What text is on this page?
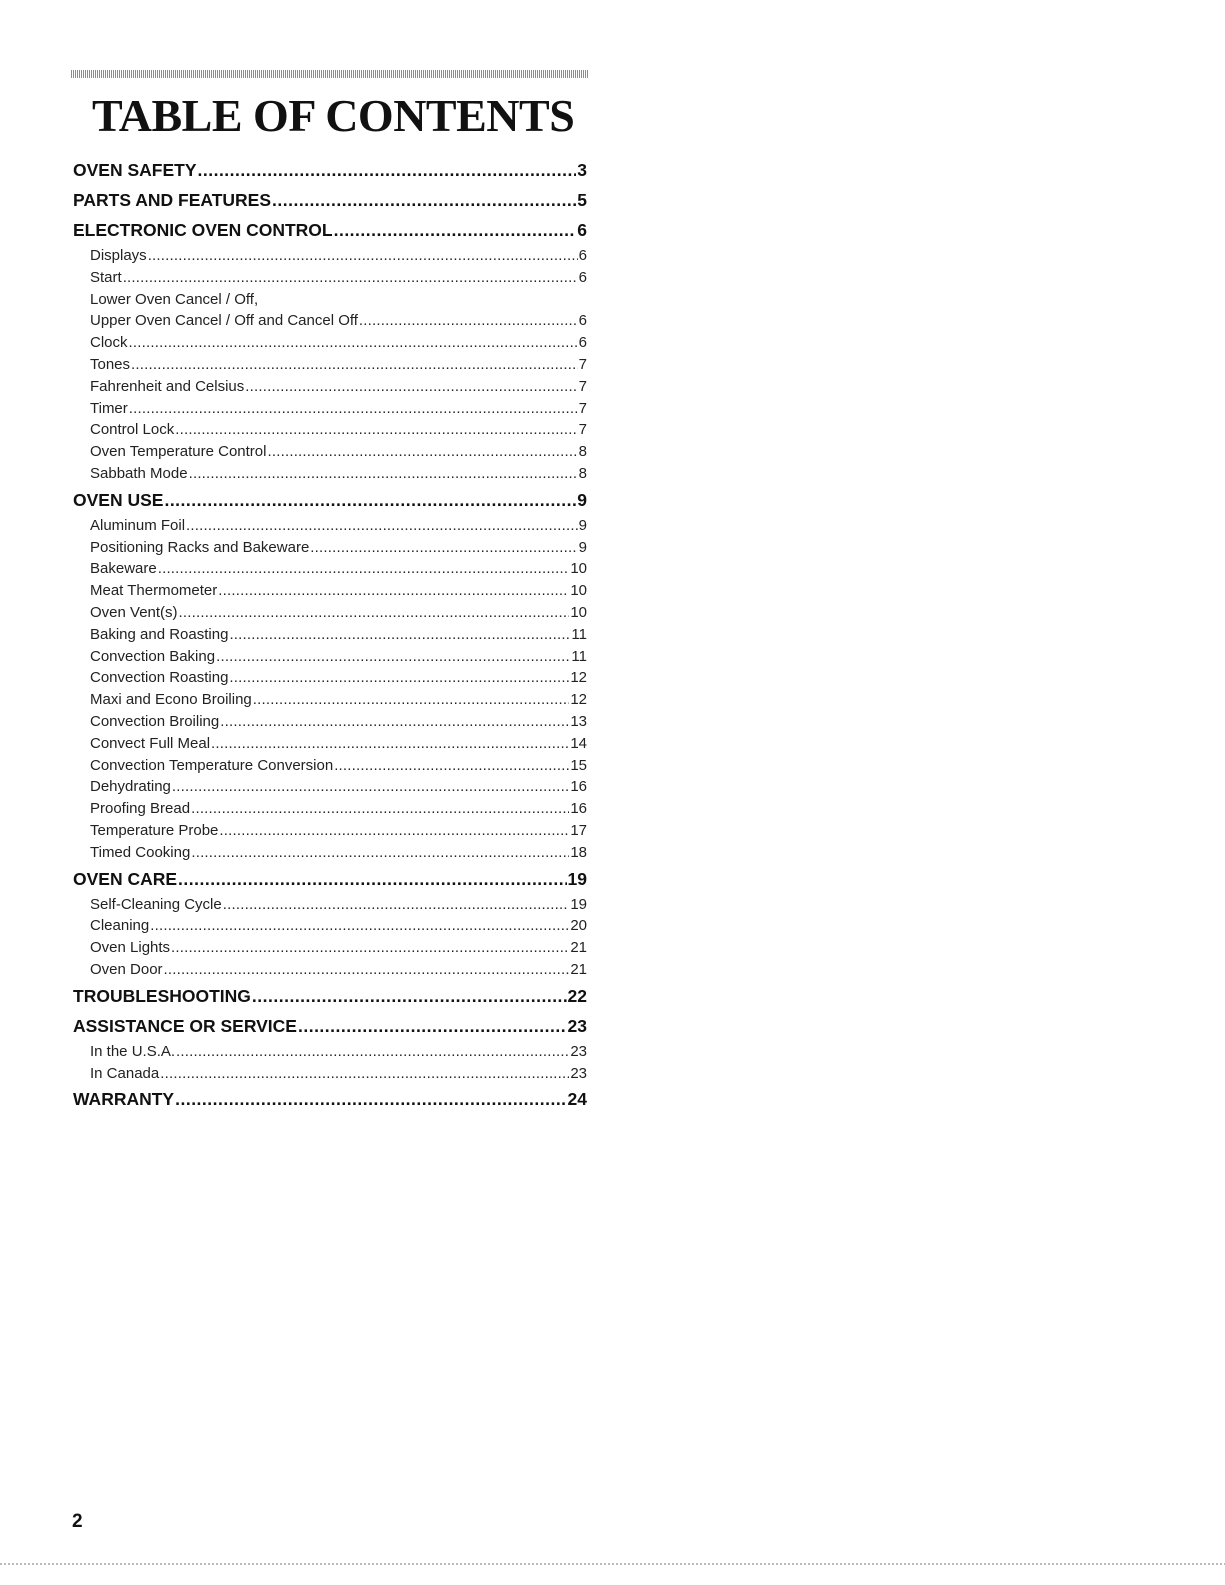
TABLE OF CONTENTS
OVEN SAFETY .....	3
PARTS AND FEATURES .....	5
ELECTRONIC OVEN CONTROL .....	6
Displays .....	6
Start .....	6
Lower Oven Cancel / Off,
Upper Oven Cancel / Off and Cancel Off .....	6
Clock .....	6
Tones .....	7
Fahrenheit and Celsius .....	7
Timer .....	7
Control Lock .....	7
Oven Temperature Control .....	8
Sabbath Mode .....	8
OVEN USE .....	9
Aluminum Foil .....	9
Positioning Racks and Bakeware .....	9
Bakeware .....	10
Meat Thermometer .....	10
Oven Vent(s) .....	10
Baking and Roasting .....	11
Convection Baking .....	11
Convection Roasting .....	12
Maxi and Econo Broiling .....	12
Convection Broiling .....	13
Convect Full Meal .....	14
Convection Temperature Conversion .....	15
Dehydrating .....	16
Proofing Bread .....	16
Temperature Probe .....	17
Timed Cooking .....	18
OVEN CARE .....	19
Self-Cleaning Cycle .....	19
Cleaning .....	20
Oven Lights .....	21
Oven Door .....	21
TROUBLESHOOTING .....	22
ASSISTANCE OR SERVICE .....	23
In the U.S.A. .....	23
In Canada .....	23
WARRANTY .....	24
2
